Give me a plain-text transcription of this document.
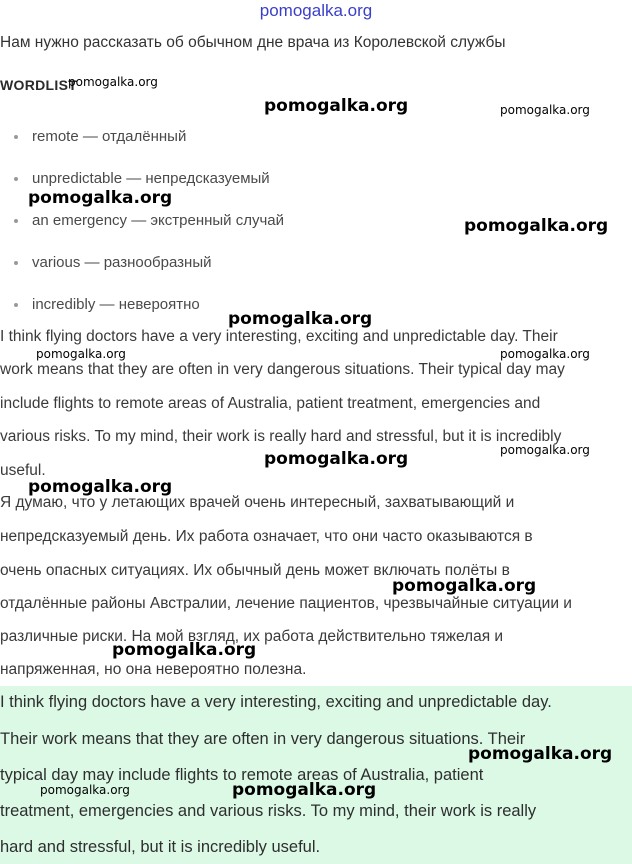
pomogalka.org
Нам нужно рассказать об обычном дне врача из Королевской службы
WORDLIST
remote — отдалённый
unpredictable — непредсказуемый
an emergency — экстренный случай
various — разнообразный
incredibly — невероятно
I think flying doctors have a very interesting, exciting and unpredictable day. Their
work means that they are often in very dangerous situations. Their typical day may
include flights to remote areas of Australia, patient treatment, emergencies and
various risks. To my mind, their work is really hard and stressful, but it is incredibly
useful.
Я думаю, что у летающих врачей очень интересный, захватывающий и
непредсказуемый день. Их работа означает, что они часто оказываются в
очень опасных ситуациях. Их обычный день может включать полёты в
отдалённые районы Австралии, лечение пациентов, чрезвычайные ситуации и
различные риски. На мой взгляд, их работа действительно тяжелая и
напряженная, но она невероятно полезна.
I think flying doctors have a very interesting, exciting and unpredictable day.
Their work means that they are often in very dangerous situations. Their
typical day may include flights to remote areas of Australia, patient
treatment, emergencies and various risks. To my mind, their work is really
hard and stressful, but it is incredibly useful.
pomogalka.org
pomogalka.org	pomogalka.org
pomogalka.org
pomogalka.org
pomogalka.org
pomogalka.org	pomogalka.org
pomogalka.org
pomogalka.org
pomogalka.org
pomogalka.org
pomogalka.org
pomogalka.org
pomogalka.org
pomogalka.org
